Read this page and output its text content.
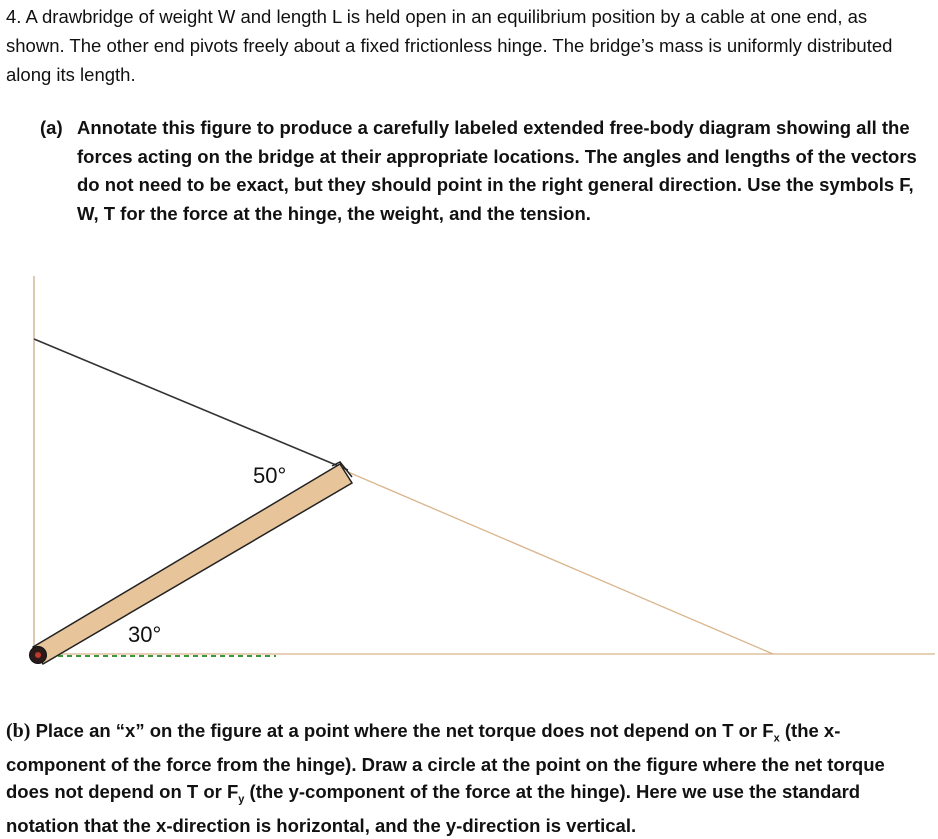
4. A drawbridge of weight W and length L is held open in an equilibrium position by a cable at one end, as shown. The other end pivots freely about a fixed frictionless hinge. The bridge’s mass is uniformly distributed along its length.

(a) Annotate this figure to produce a carefully labeled extended free-body diagram showing all the forces acting on the bridge at their appropriate locations. The angles and lengths of the vectors do not need to be exact, but they should point in the right general direction. Use the symbols F, W, T for the force at the hinge, the weight, and the tension.

50°
30°

(b) Place an “x” on the figure at a point where the net torque does not depend on T or $F_x$ (the x-component of the force from the hinge). Draw a circle at the point on the figure where the net torque does not depend on T or $F_y$ (the y-component of the force at the hinge). Here we use the standard notation that the x-direction is horizontal, and the y-direction is vertical.
